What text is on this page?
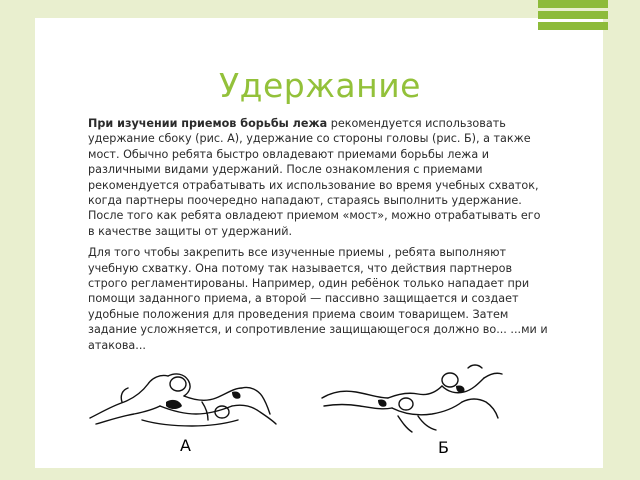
Удержание

При изучении приемов борьбы лежа рекомендуется использовать удержание сбоку (рис. А), удержание со стороны головы (рис. Б), а также мост. Обычно ребята быстро овладевают приемами борьбы лежа и различными видами удержаний. После ознакомления с приемами рекомендуется отрабатывать их использование во время учебных схваток, когда партнеры поочередно нападают, стараясь выполнить удержание. После того как ребята овладеют приемом «мост», можно отрабатывать его в качестве защиты от удержаний.

Для того чтобы закрепить все изученные приемы , ребята выполняют учебную схватку. Она потому так называется, что действия партнеров строго регламентированы. Например, один ребёнок только нападает при помощи заданного приема, а второй — пассивно защищается и создает удобные положения для проведения приема своим товарищем. Затем задание усложняется, и сопротивление защищающегося должно во... ...ми и атакова...

А	Б
